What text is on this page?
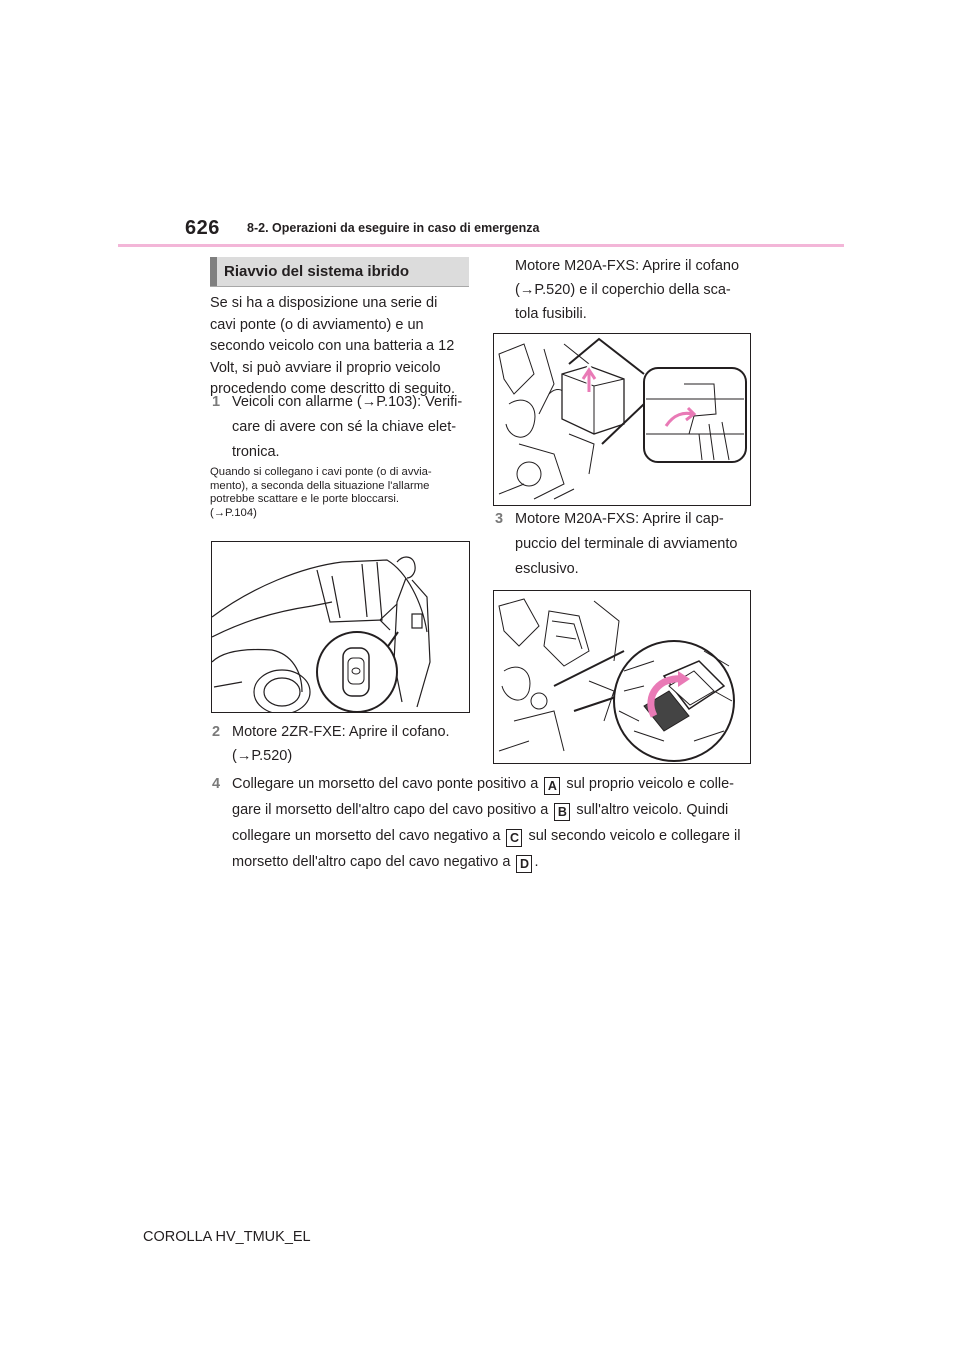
626 8-2. Operazioni da eseguire in caso di emergenza
Riavvio del sistema ibrido
Se si ha a disposizione una serie di
cavi ponte (o di avviamento) e un
secondo veicolo con una batteria a 12
Volt, si può avviare il proprio veicolo
procedendo come descritto di seguito.
1 Veicoli con allarme (→P.103): Verifi-
care di avere con sé la chiave elet-
tronica.
Quando si collegano i cavi ponte (o di avvia-
mento), a seconda della situazione l'allarme
potrebbe scattare e le porte bloccarsi.
(→P.104)
2 Motore 2ZR-FXE: Aprire il cofano.
(→P.520)
Motore M20A-FXS: Aprire il cofano
(→P.520) e il coperchio della sca-
tola fusibili.
3 Motore M20A-FXS: Aprire il cap-
puccio del terminale di avviamento
esclusivo.
4 Collegare un morsetto del cavo ponte positivo a A sul proprio veicolo e colle-
gare il morsetto dell'altro capo del cavo positivo a B sull'altro veicolo. Quindi
collegare un morsetto del cavo negativo a C sul secondo veicolo e collegare il
morsetto dell'altro capo del cavo negativo a D .
COROLLA HV_TMUK_EL
